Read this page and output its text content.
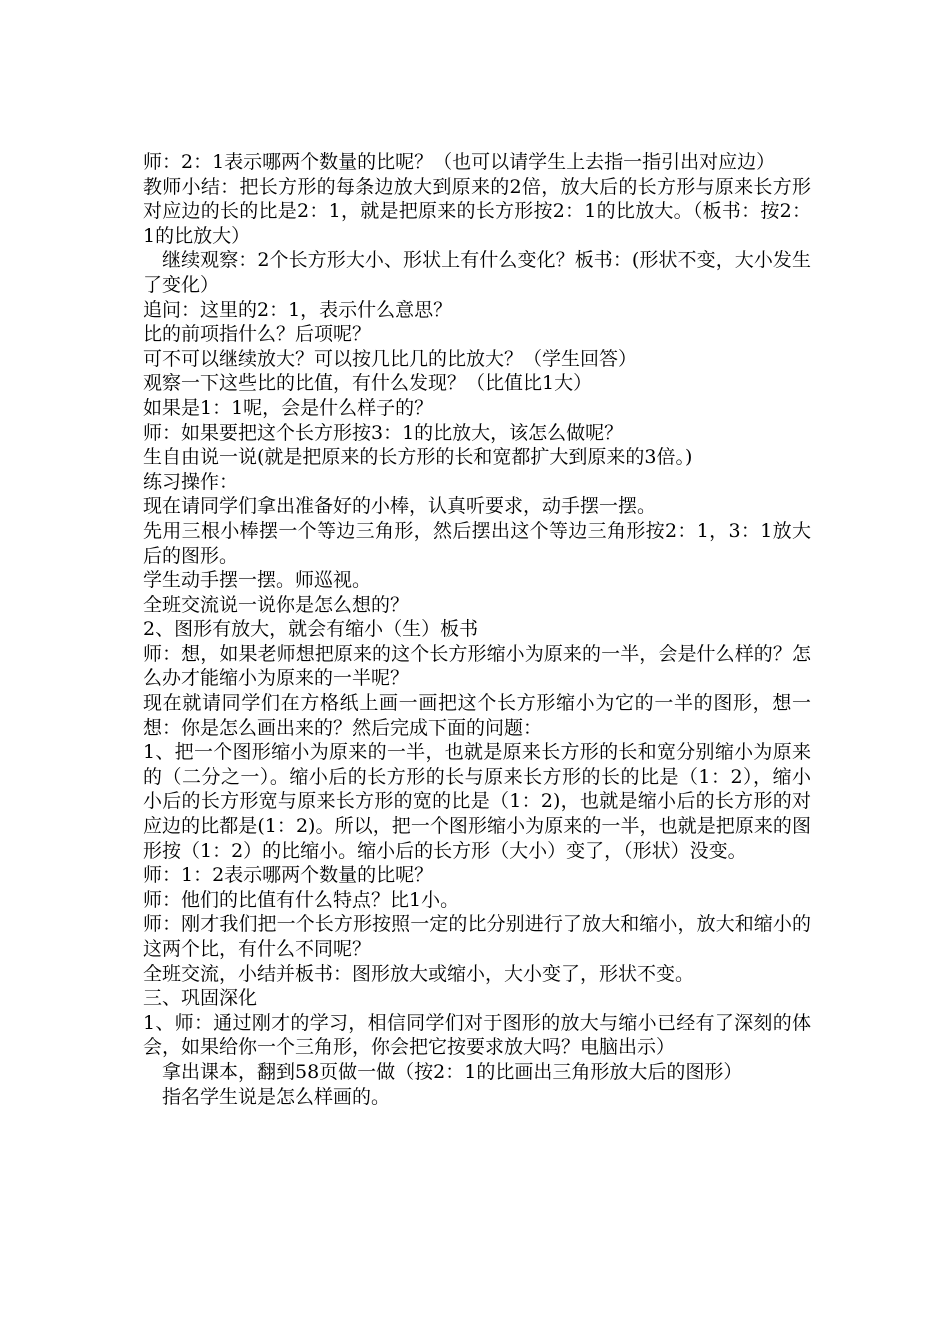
师：2：1表示哪两个数量的比呢？（也可以请学生上去指一指引出对应边）

教师小结：把长方形的每条边放大到原来的2倍，放大后的长方形与原来长方形对应边的长的比是2：1，就是把原来的长方形按2：1的比放大。（板书：按2：1的比放大）

继续观察：2个长方形大小、形状上有什么变化？板书：(形状不变，大小发生了变化）

追问：这里的2：1，表示什么意思？

比的前项指什么？后项呢？

可不可以继续放大？可以按几比几的比放大？（学生回答）

观察一下这些比的比值，有什么发现？（比值比1大）

如果是1：1呢，会是什么样子的？

师：如果要把这个长方形按3：1的比放大，该怎么做呢？

生自由说一说(就是把原来的长方形的长和宽都扩大到原来的3倍。)

练习操作：

现在请同学们拿出准备好的小棒，认真听要求，动手摆一摆。

先用三根小棒摆一个等边三角形，然后摆出这个等边三角形按2：1，3：1放大后的图形。

学生动手摆一摆。师巡视。

全班交流说一说你是怎么想的？

2、图形有放大，就会有缩小（生）板书

师：想，如果老师想把原来的这个长方形缩小为原来的一半，会是什么样的？怎么办才能缩小为原来的一半呢？

现在就请同学们在方格纸上画一画把这个长方形缩小为它的一半的图形，想一想：你是怎么画出来的？然后完成下面的问题：

1、把一个图形缩小为原来的一半，也就是原来长方形的长和宽分别缩小为原来的（二分之一）。缩小后的长方形的长与原来长方形的长的比是（1：2），缩小小后的长方形宽与原来长方形的宽的比是（1：2)，也就是缩小后的长方形的对应边的比都是(1：2)。所以，把一个图形缩小为原来的一半，也就是把原来的图形按（1：2）的比缩小。缩小后的长方形（大小）变了，（形状）没变。

师：1：2表示哪两个数量的比呢？

师：他们的比值有什么特点？比1小。

师：刚才我们把一个长方形按照一定的比分别进行了放大和缩小，放大和缩小的这两个比，有什么不同呢？

全班交流，小结并板书：图形放大或缩小，大小变了，形状不变。

三、巩固深化

1、师：通过刚才的学习，相信同学们对于图形的放大与缩小已经有了深刻的体会，如果给你一个三角形，你会把它按要求放大吗？电脑出示）

拿出课本，翻到58页做一做（按2：1的比画出三角形放大后的图形）

指名学生说是怎么样画的。
